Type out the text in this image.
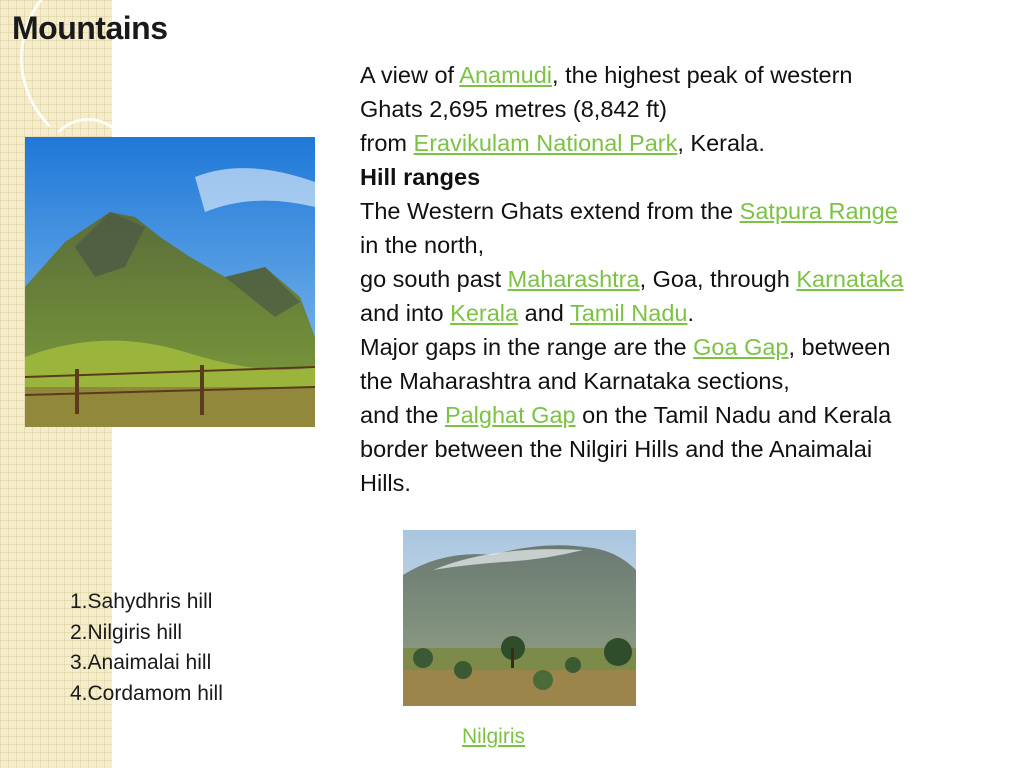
Mountains
A view of Anamudi, the highest peak of western
Ghats 2,695 metres (8,842 ft)
from Eravikulam National Park, Kerala.
Hill ranges
The Western Ghats extend from the Satpura Range
in the north,
go south past Maharashtra, Goa, through Karnataka
and into Kerala and Tamil Nadu.
Major gaps in the range are the Goa Gap, between
the Maharashtra and Karnataka sections,
and the Palghat Gap on the Tamil Nadu and Kerala
border between the Nilgiri Hills and the Anaimalai
Hills.
1.Sahydhris hill
2.Nilgiris hill
3.Anaimalai hill
4.Cordamom hill
Nilgiris
